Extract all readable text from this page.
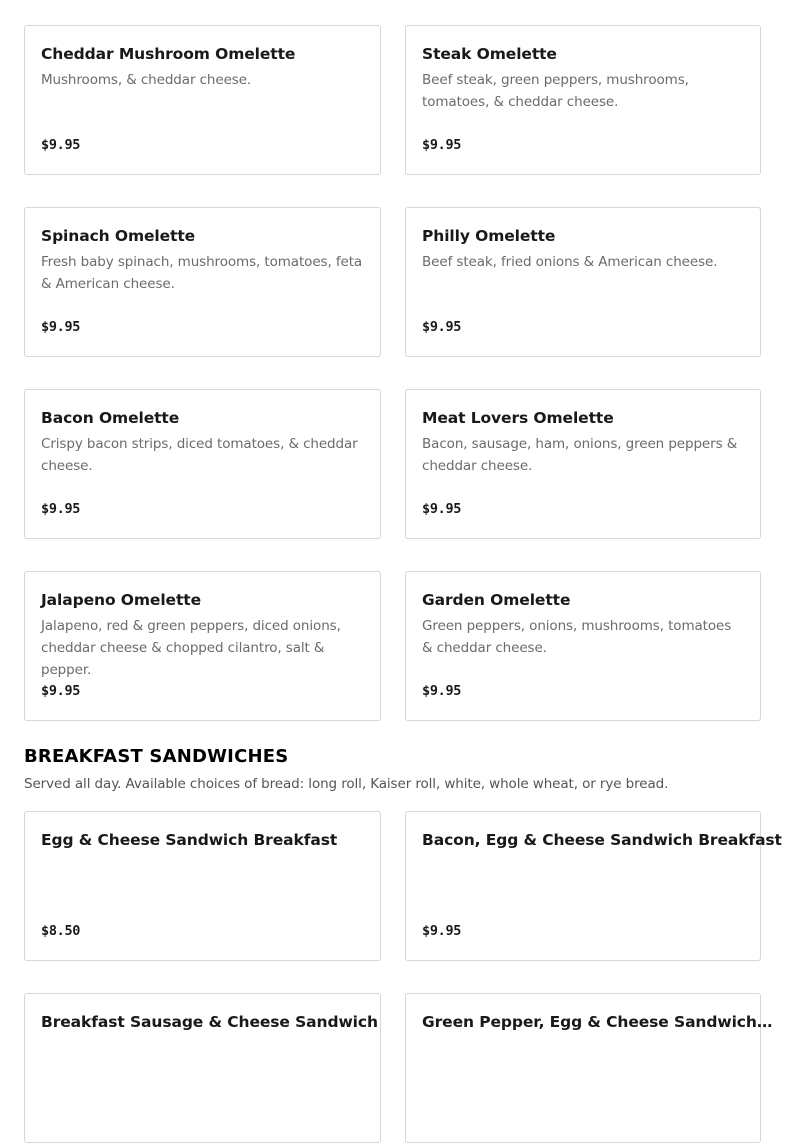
Cheddar Mushroom Omelette
Mushrooms, & cheddar cheese.
$9.95
Steak Omelette
Beef steak, green peppers, mushrooms, tomatoes, & cheddar cheese.
$9.95
Spinach Omelette
Fresh baby spinach, mushrooms, tomatoes, feta & American cheese.
$9.95
Philly Omelette
Beef steak, fried onions & American cheese.
$9.95
Bacon Omelette
Crispy bacon strips, diced tomatoes, & cheddar cheese.
$9.95
Meat Lovers Omelette
Bacon, sausage, ham, onions, green peppers & cheddar cheese.
$9.95
Jalapeno Omelette
Jalapeno, red & green peppers, diced onions, cheddar cheese & chopped cilantro, salt & pepper.
$9.95
Garden Omelette
Green peppers, onions, mushrooms, tomatoes & cheddar cheese.
$9.95
BREAKFAST SANDWICHES

Served all day. Available choices of bread: long roll, Kaiser roll, white, whole wheat, or rye bread.

Egg & Cheese Sandwich Breakfast
$8.50
Bacon, Egg & Cheese Sandwich Breakfast
$9.95
Breakfast Sausage & Cheese Sandwich	Green Pepper, Egg & Cheese Sandwich…
